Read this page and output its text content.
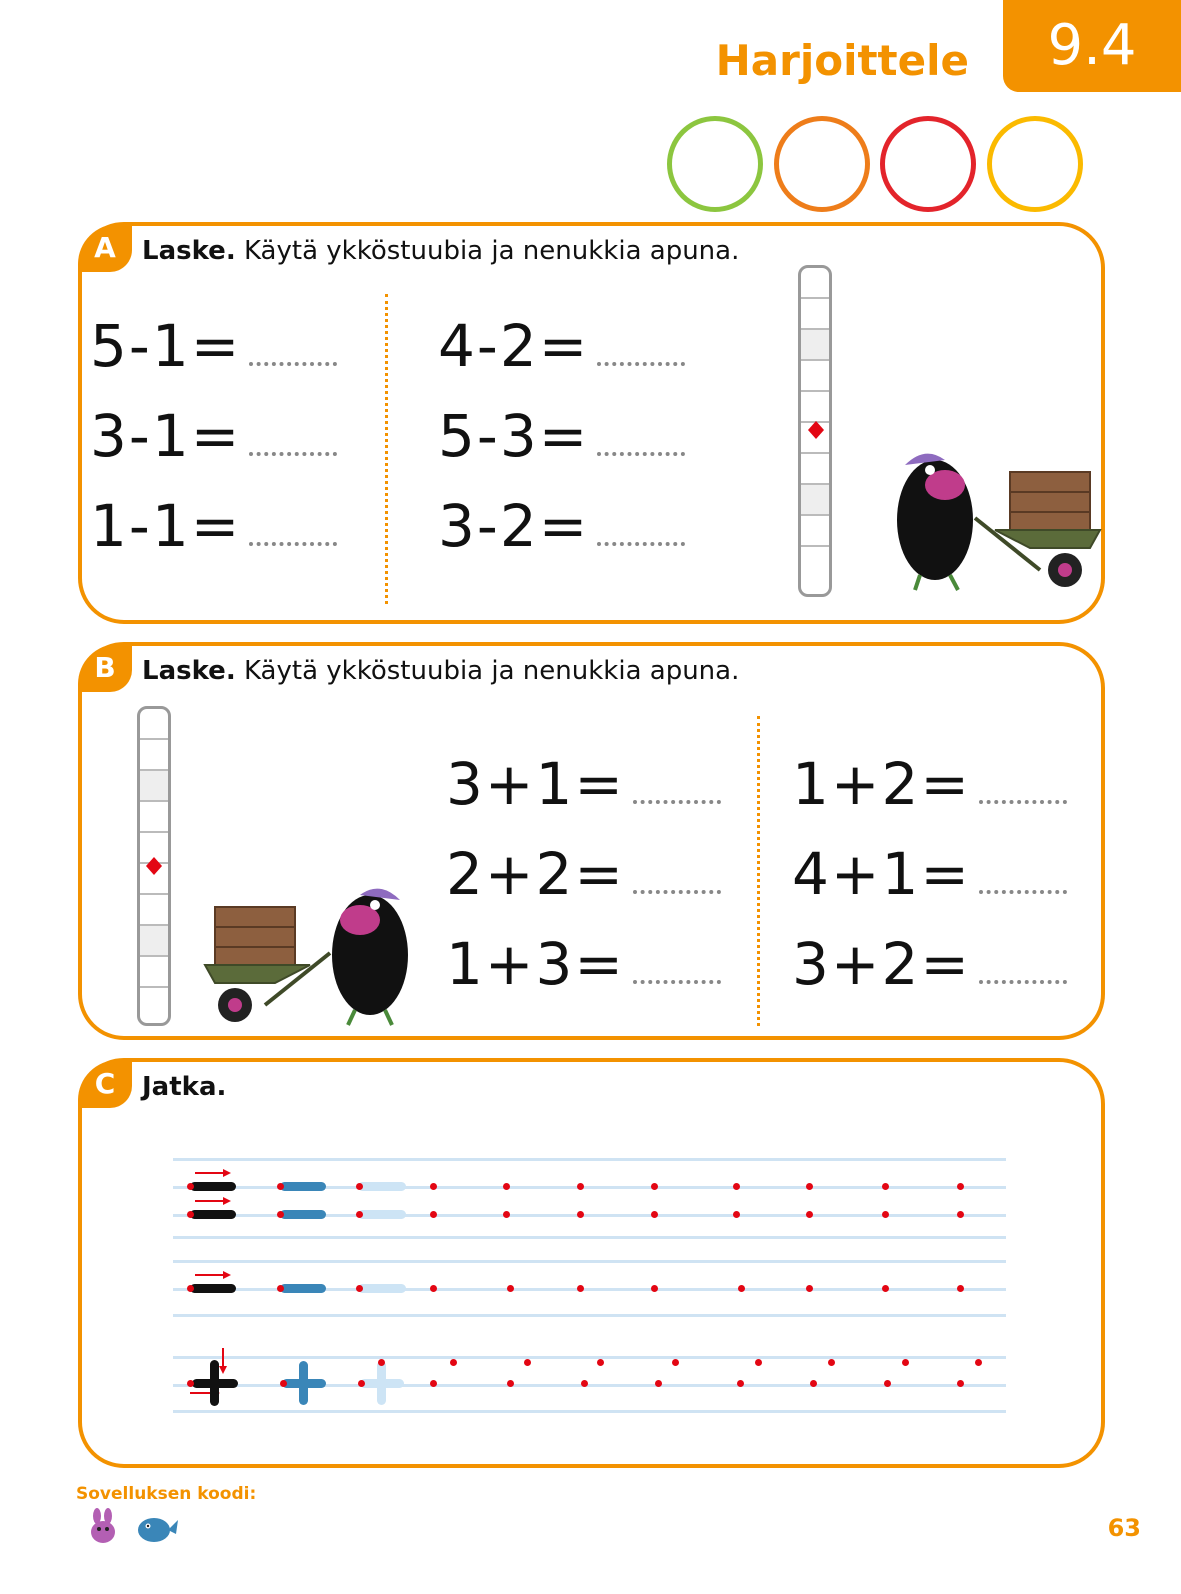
Harjoittele	9.4
A	Laske. Käytä ykköstuubia ja nenukkia apuna.
5-1=
3-1=
1-1=
4-2=
5-3=
3-2=
B	Laske. Käytä ykköstuubia ja nenukkia apuna.
3+1=
2+2=
1+3=
1+2=
4+1=
3+2=
C	Jatka.
Sovelluksen koodi:
63
